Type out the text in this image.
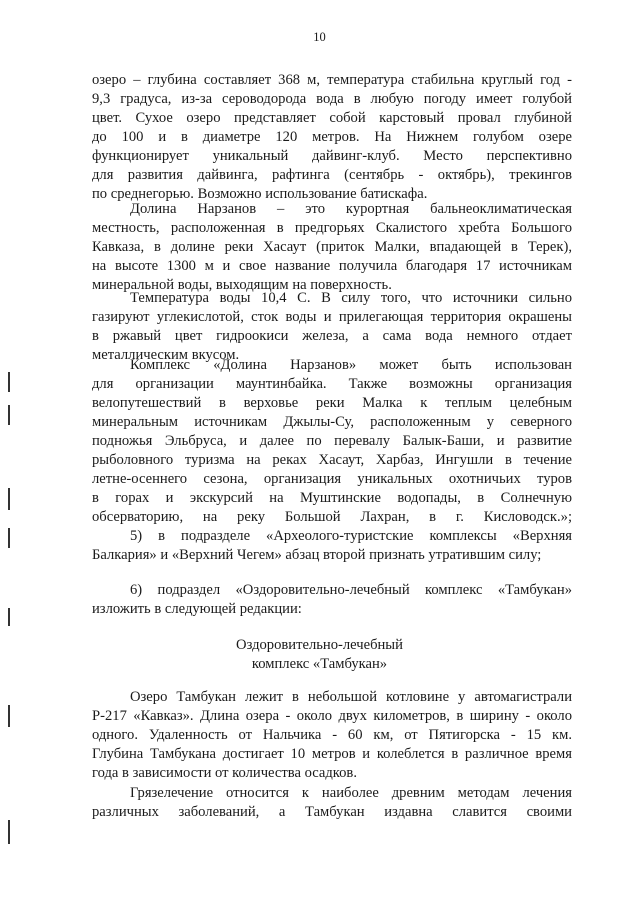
10
озеро – глубина составляет 368 м, температура стабильна круглый год -
9,3 градуса, из-за сероводорода вода в любую погоду имеет голубой
цвет. Сухое озеро представляет собой карстовый провал глубиной
до 100 и в диаметре 120 метров. На Нижнем голубом озере
функционирует уникальный дайвинг-клуб. Место перспективно
для развития дайвинга, рафтинга (сентябрь - октябрь), трекингов
по среднегорью. Возможно использование батискафа.
Долина Нарзанов – это курортная бальнеоклиматическая
местность, расположенная в предгорьях Скалистого хребта Большого
Кавказа, в долине реки Хасаут (приток Малки, впадающей в Терек),
на высоте 1300 м и свое название получила благодаря 17 источникам
минеральной воды, выходящим на поверхность.
Температура воды 10,4 С. В силу того, что источники сильно
газируют углекислотой, сток воды и прилегающая территория окрашены
в ржавый цвет гидроокиси железа, а сама вода немного отдает
металлическим вкусом.
Комплекс «Долина Нарзанов» может быть использован
для организации маунтинбайка. Также возможны организация
велопутешествий в верховье реки Малка к теплым целебным
минеральным источникам Джылы-Су, расположенным у северного
подножья Эльбруса, и далее по перевалу Балык-Баши, и развитие
рыболовного туризма на реках Хасаут, Харбаз, Ингушли в течение
летне-осеннего сезона, организация уникальных охотничьих туров
в горах и экскурсий на Муштинские водопады, в Солнечную
обсерваторию, на реку Большой Лахран, в г. Кисловодск.»;
5) в подразделе «Археолого-туристские комплексы «Верхняя
Балкария» и «Верхний Чегем» абзац второй признать утратившим силу;
6) подраздел «Оздоровительно-лечебный комплекс «Тамбукан»
изложить в следующей редакции:
Оздоровительно-лечебный
комплекс «Тамбукан»
Озеро Тамбукан лежит в небольшой котловине у автомагистрали
Р-217 «Кавказ». Длина озера - около двух километров, в ширину - около
одного. Удаленность от Нальчика - 60 км, от Пятигорска - 15 км.
Глубина Тамбукана достигает 10 метров и колеблется в различное время
года в зависимости от количества осадков.
Грязелечение относится к наиболее древним методам лечения
различных заболеваний, а Тамбукан издавна славится своими
